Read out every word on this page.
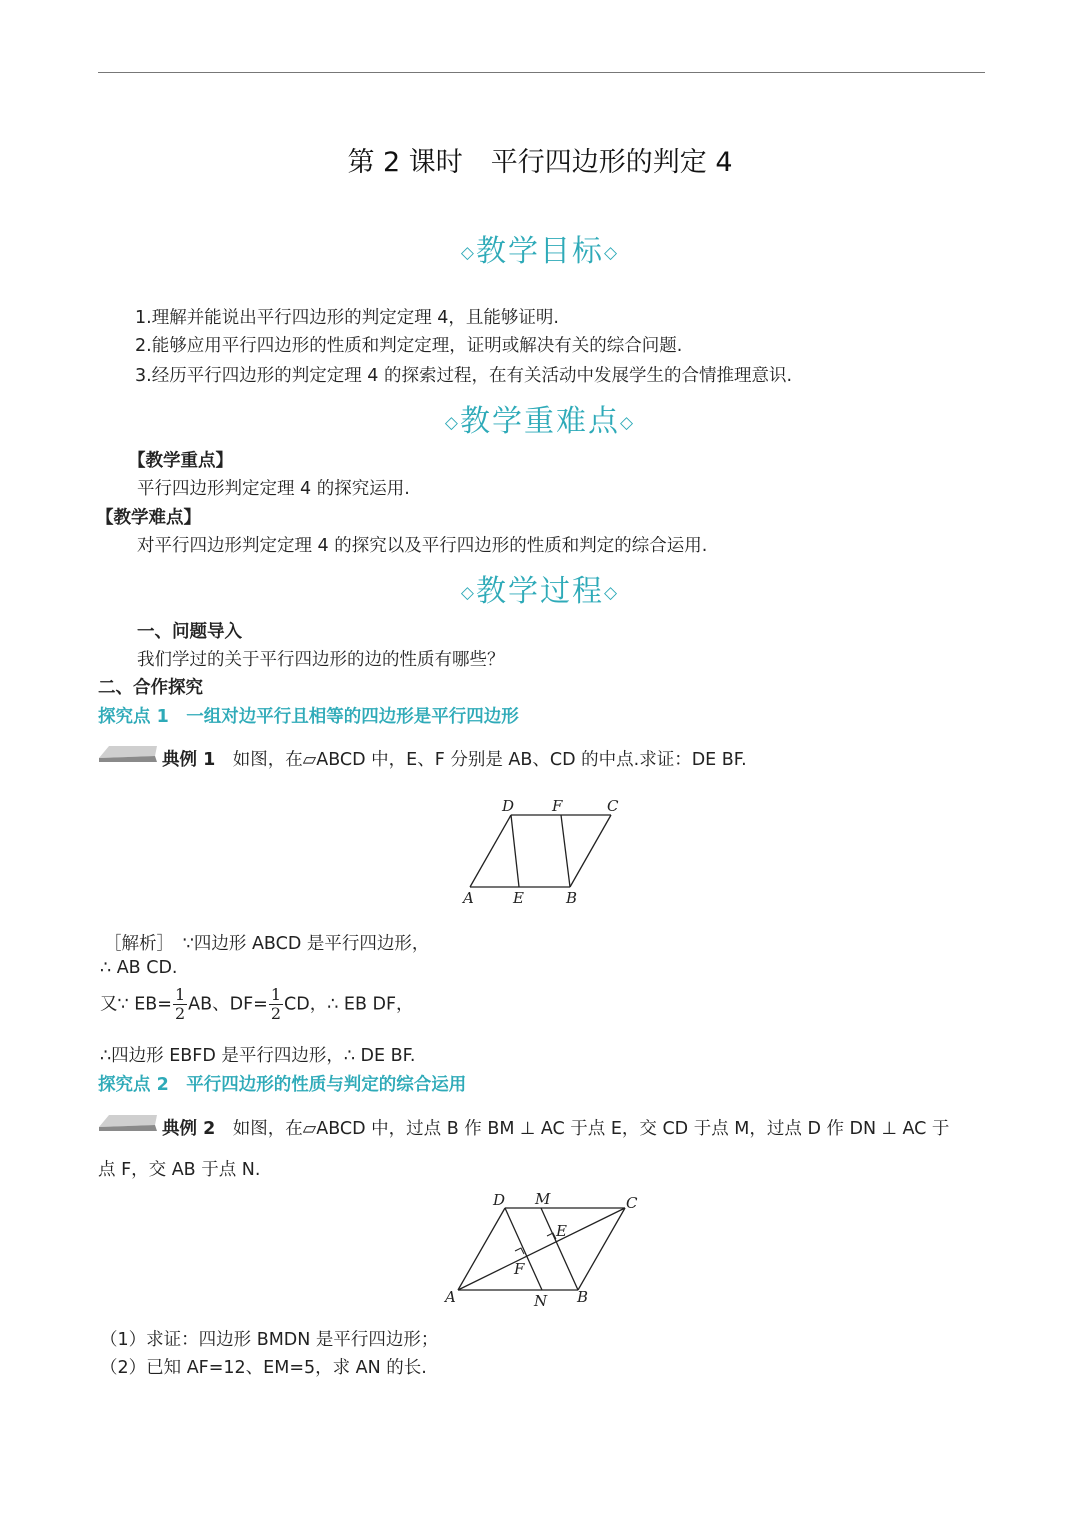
第 2 课时 平行四边形的判定 4
◇教学目标◇
1.理解并能说出平行四边形的判定定理 4，且能够证明.
2.能够应用平行四边形的性质和判定定理，证明或解决有关的综合问题.
3.经历平行四边形的判定定理 4 的探索过程，在有关活动中发展学生的合情推理意识.
◇教学重难点◇
【教学重点】
平行四边形判定定理 4 的探究运用.
【教学难点】
对平行四边形判定定理 4 的探究以及平行四边形的性质和判定的综合运用.
◇教学过程◇
一、问题导入
我们学过的关于平行四边形的边的性质有哪些？
二、合作探究
探究点 1　一组对边平行且相等的四边形是平行四边形
典例 1　 如图，在▱ABCD 中，E、F 分别是 AB、CD 的中点.求证：DE BF.
D	F	C
A	E	B
［解析］　∵四边形 ABCD 是平行四边形，
∴ AB CD.
又∵ $EB= \frac{1}{2}$ AB、$DF= \frac{1}{2}$ CD，∴ EB DF，
∴四边形 EBFD 是平行四边形，∴ DE BF.
探究点 2　平行四边形的性质与判定的综合运用
典例 2　 如图，在▱ABCD 中，过点 B 作 BM ⊥ AC 于点 E，交 CD 于点 M，过点 D 作 DN ⊥ AC 于
点 F，交 AB 于点 N.
D M	C
E
F
A	N B
（1）求证：四边形 BMDN 是平行四边形；
（2）已知 AF=12、EM=5，求 AN 的长.
